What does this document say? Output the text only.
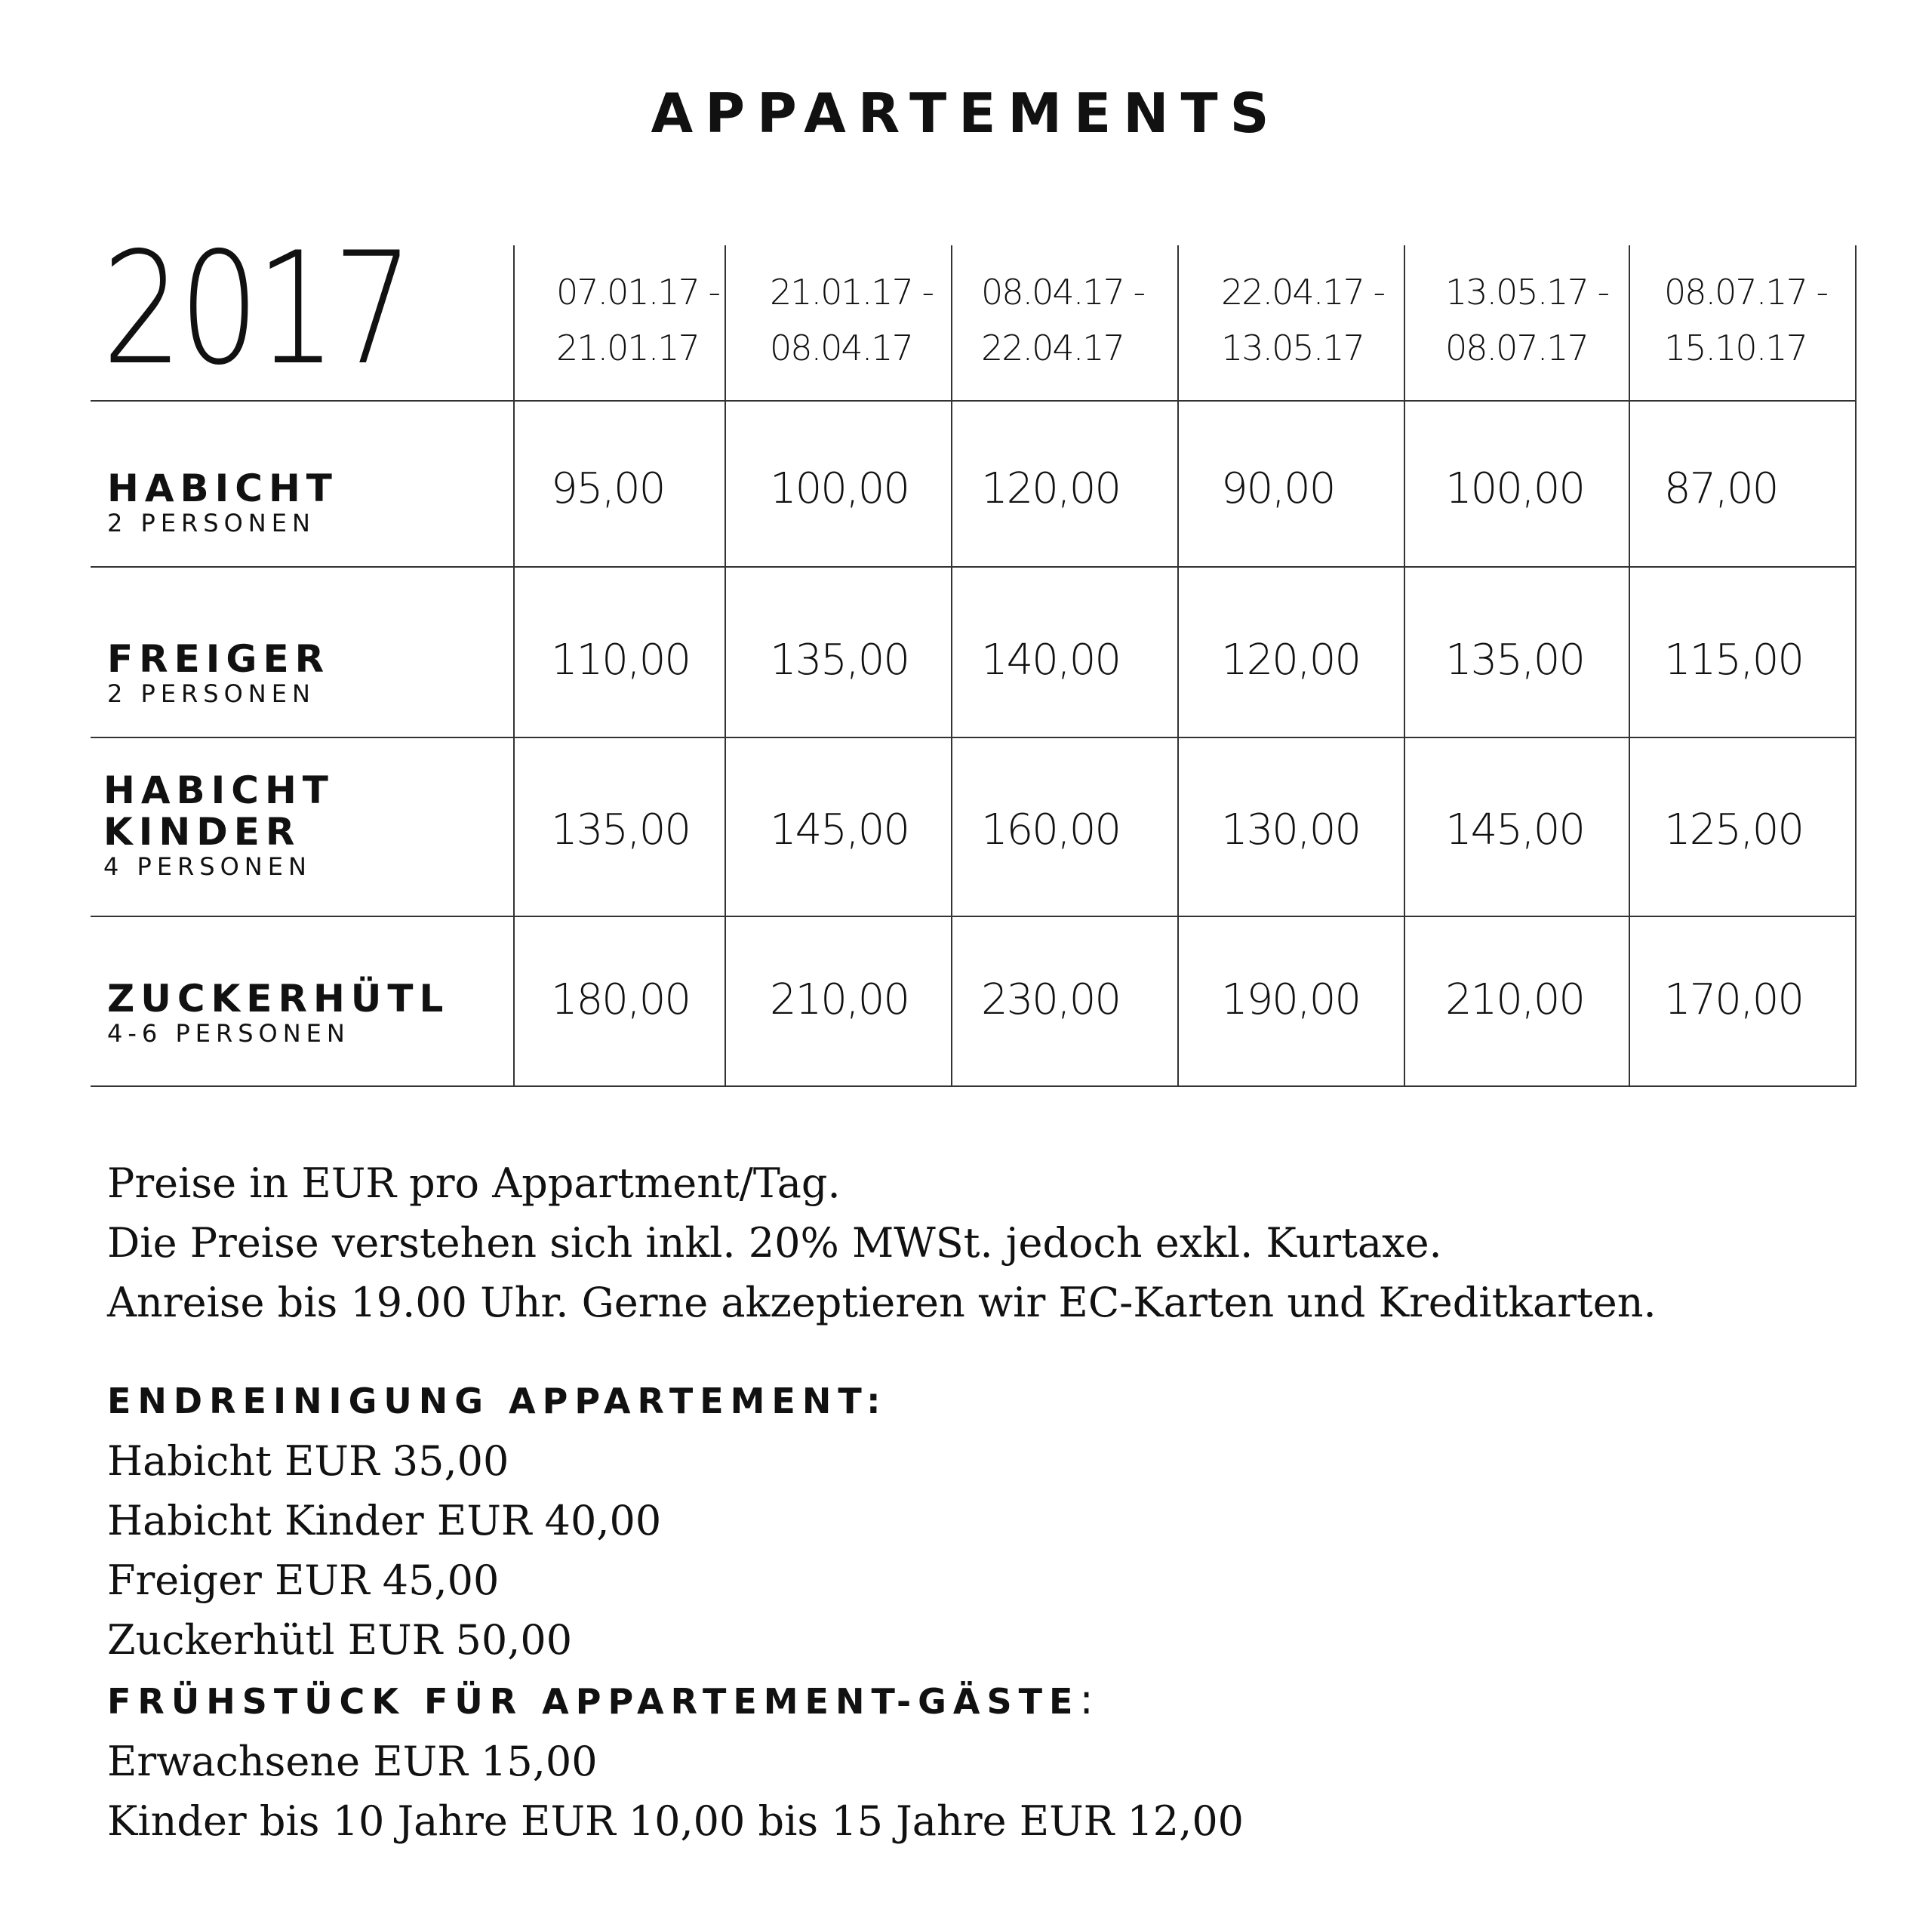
APPARTEMENTS
2017	07.01.17 -
21.01.17
21.01.17 -
08.04.17
08.04.17 -
22.04.17
22.04.17 -
13.05.17
13.05.17 -
08.07.17
08.07.17 -
15.10.17
HABICHT
2 PERSONEN
FREIGER
2 PERSONEN
HABICHT
KINDER
4 PERSONEN
ZUCKERHÜTL
4-6 PERSONEN
95,00 100,00 120,00 90,00	100,00 87,00
110,00 135,00 140,00 120,00 135,00 115,00
135,00 145,00 160,00 130,00 145,00 125,00
180,00 210,00 230,00 190,00 210,00 170,00
Preise in EUR pro Appartment/Tag.
Die Preise verstehen sich inkl. 20% MWSt. jedoch exkl. Kurtaxe.
Anreise bis 19.00 Uhr. Gerne akzeptieren wir EC-Karten und Kreditkarten.
ENDREINIGUNG APPARTEMENT:
Habicht EUR 35,00
Habicht Kinder EUR 40,00
Freiger EUR 45,00
Zuckerhütl EUR 50,00
FRÜHSTÜCK FÜR APPARTEMENT-GÄSTE:
Erwachsene EUR 15,00
Kinder bis 10 Jahre EUR 10,00 bis 15 Jahre EUR 12,00
